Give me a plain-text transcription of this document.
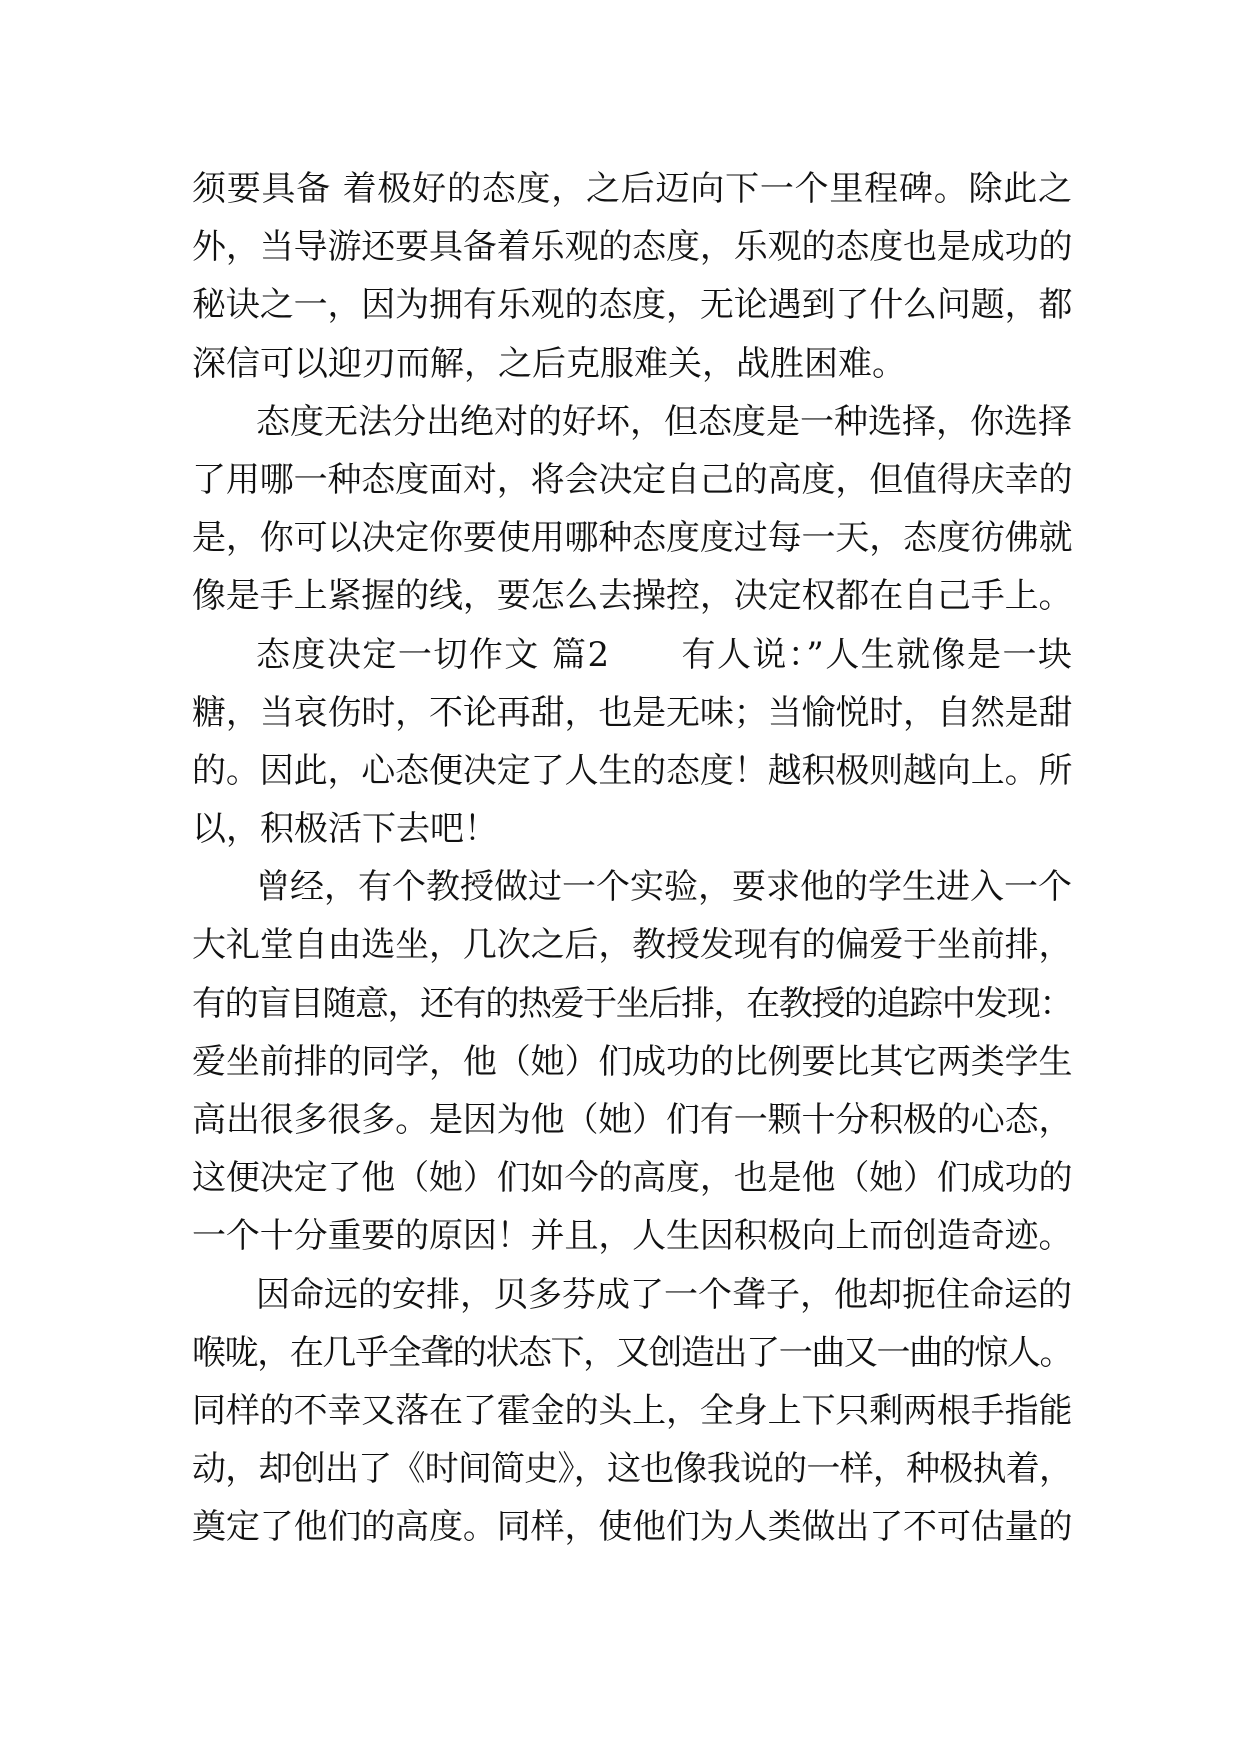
须要具备 着极好的态度，之后迈向下一个里程碑。除此之
外，当导游还要具备着乐观的态度，乐观的态度也是成功的
秘诀之一，因为拥有乐观的态度，无论遇到了什么问题，都
深信可以迎刃而解，之后克服难关，战胜困难。
态度无法分出绝对的好坏，但态度是一种选择，你选择
了用哪一种态度面对，将会决定自己的高度，但值得庆幸的
是，你可以决定你要使用哪种态度度过每一天，态度彷佛就
像是手上紧握的线，要怎么去操控，决定权都在自己手上。
态度决定一切作文 篇2　　有人说：”人生就像是一块
糖，当哀伤时，不论再甜，也是无味；当愉悦时，自然是甜
的。因此，心态便决定了人生的态度！越积极则越向上。所
以，积极活下去吧！
曾经，有个教授做过一个实验，要求他的学生进入一个
大礼堂自由选坐，几次之后，教授发现有的偏爱于坐前排，
有的盲目随意，还有的热爱于坐后排，在教授的追踪中发现：
爱坐前排的同学，他（她）们成功的比例要比其它两类学生
高出很多很多。是因为他（她）们有一颗十分积极的心态，
这便决定了他（她）们如今的高度，也是他（她）们成功的
一个十分重要的原因！并且，人生因积极向上而创造奇迹。
因命远的安排，贝多芬成了一个聋子，他却扼住命运的
喉咙，在几乎全聋的状态下，又创造出了一曲又一曲的惊人。
同样的不幸又落在了霍金的头上，全身上下只剩两根手指能
动，却创出了《时间简史》，这也像我说的一样，种极执着，
奠定了他们的高度。同样，使他们为人类做出了不可估量的
